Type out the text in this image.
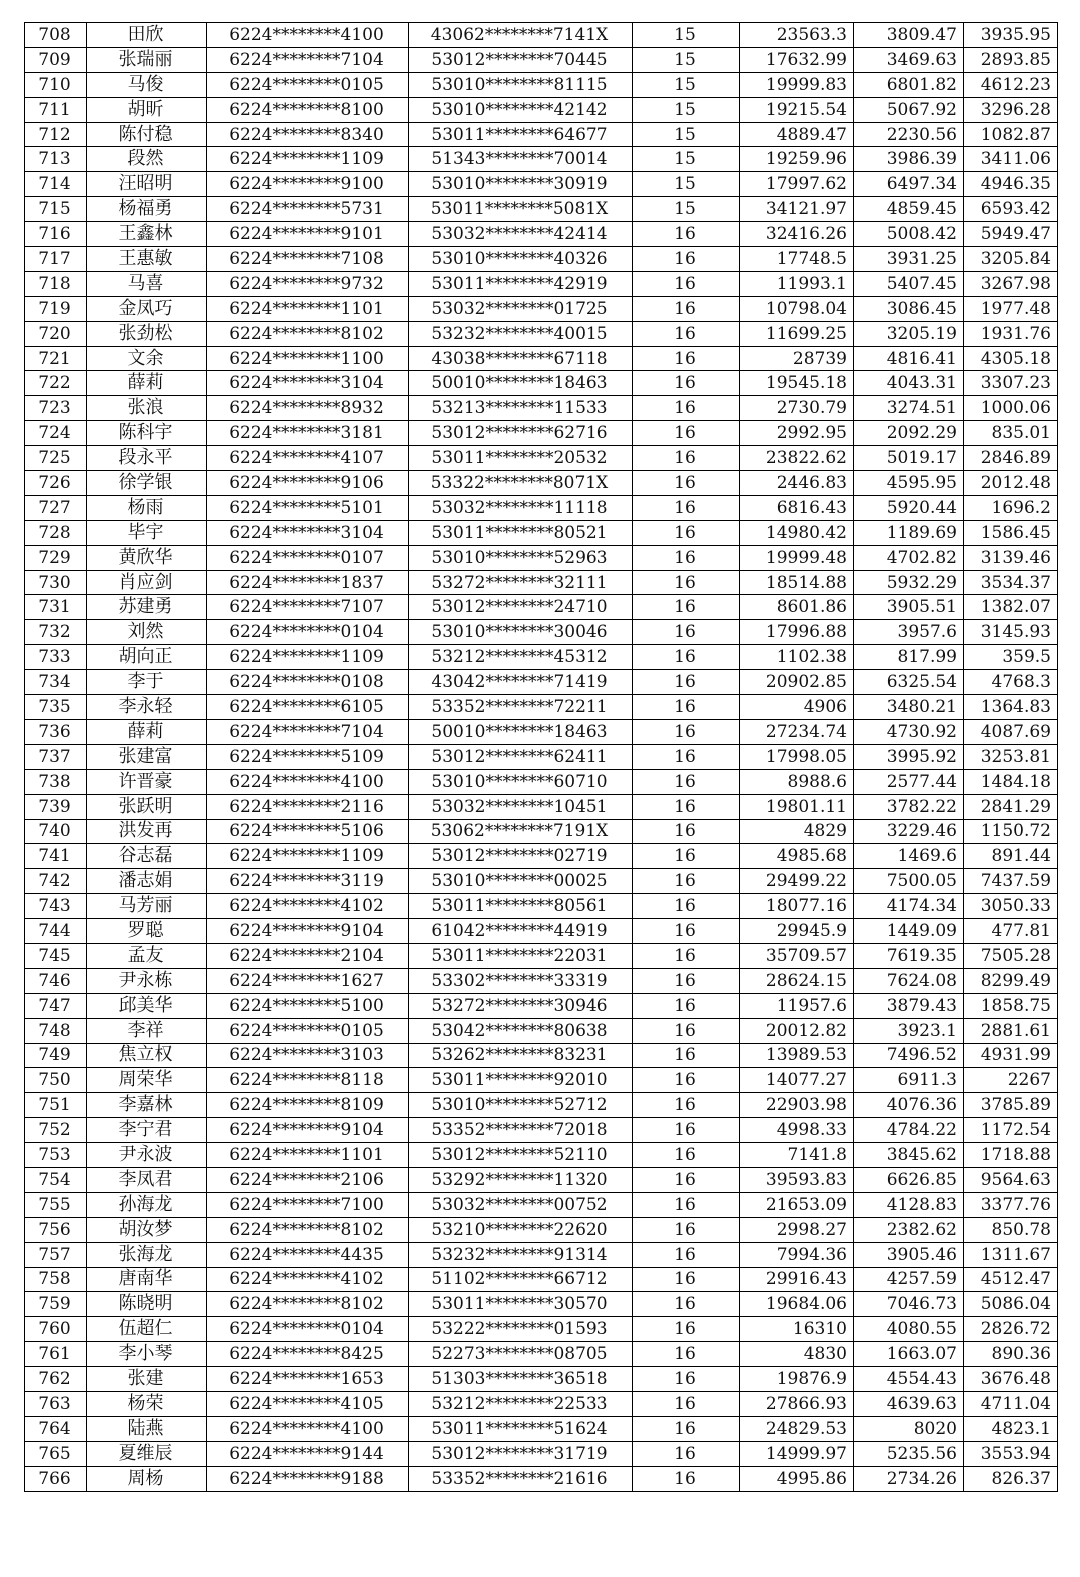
708	田欣	6224********4100	43062********7141X	15	23563.3	3809.47	3935.95
709	张瑞丽	6224********7104	53012********70445	15	17632.99	3469.63	2893.85
710	马俊	6224********0105	53010********81115	15	19999.83	6801.82	4612.23
711	胡昕	6224********8100	53010********42142	15	19215.54	5067.92	3296.28
712	陈付稳	6224********8340	53011********64677	15	4889.47	2230.56	1082.87
713	段然	6224********1109	51343********70014	15	19259.96	3986.39	3411.06
714	汪昭明	6224********9100	53010********30919	15	17997.62	6497.34	4946.35
715	杨福勇	6224********5731	53011********5081X	15	34121.97	4859.45	6593.42
716	王鑫林	6224********9101	53032********42414	16	32416.26	5008.42	5949.47
717	王惠敏	6224********7108	53010********40326	16	17748.5	3931.25	3205.84
718	马喜	6224********9732	53011********42919	16	11993.1	5407.45	3267.98
719	金凤巧	6224********1101	53032********01725	16	10798.04	3086.45	1977.48
720	张劲松	6224********8102	53232********40015	16	11699.25	3205.19	1931.76
721	文余	6224********1100	43038********67118	16	28739	4816.41	4305.18
722	薛莉	6224********3104	50010********18463	16	19545.18	4043.31	3307.23
723	张浪	6224********8932	53213********11533	16	2730.79	3274.51	1000.06
724	陈科宇	6224********3181	53012********62716	16	2992.95	2092.29	835.01
725	段永平	6224********4107	53011********20532	16	23822.62	5019.17	2846.89
726	徐学银	6224********9106	53322********8071X	16	2446.83	4595.95	2012.48
727	杨雨	6224********5101	53032********11118	16	6816.43	5920.44	1696.2
728	毕宇	6224********3104	53011********80521	16	14980.42	1189.69	1586.45
729	黄欣华	6224********0107	53010********52963	16	19999.48	4702.82	3139.46
730	肖应剑	6224********1837	53272********32111	16	18514.88	5932.29	3534.37
731	苏建勇	6224********7107	53012********24710	16	8601.86	3905.51	1382.07
732	刘然	6224********0104	53010********30046	16	17996.88	3957.6	3145.93
733	胡向正	6224********1109	53212********45312	16	1102.38	817.99	359.5
734	李于	6224********0108	43042********71419	16	20902.85	6325.54	4768.3
735	李永轻	6224********6105	53352********72211	16	4906	3480.21	1364.83
736	薛莉	6224********7104	50010********18463	16	27234.74	4730.92	4087.69
737	张建富	6224********5109	53012********62411	16	17998.05	3995.92	3253.81
738	许晋豪	6224********4100	53010********60710	16	8988.6	2577.44	1484.18
739	张跃明	6224********2116	53032********10451	16	19801.11	3782.22	2841.29
740	洪发再	6224********5106	53062********7191X	16	4829	3229.46	1150.72
741	谷志磊	6224********1109	53012********02719	16	4985.68	1469.6	891.44
742	潘志娟	6224********3119	53010********00025	16	29499.22	7500.05	7437.59
743	马芳丽	6224********4102	53011********80561	16	18077.16	4174.34	3050.33
744	罗聪	6224********9104	61042********44919	16	29945.9	1449.09	477.81
745	孟友	6224********2104	53011********22031	16	35709.57	7619.35	7505.28
746	尹永栋	6224********1627	53302********33319	16	28624.15	7624.08	8299.49
747	邱美华	6224********5100	53272********30946	16	11957.6	3879.43	1858.75
748	李祥	6224********0105	53042********80638	16	20012.82	3923.1	2881.61
749	焦立权	6224********3103	53262********83231	16	13989.53	7496.52	4931.99
750	周荣华	6224********8118	53011********92010	16	14077.27	6911.3	2267
751	李嘉林	6224********8109	53010********52712	16	22903.98	4076.36	3785.89
752	李宁君	6224********9104	53352********72018	16	4998.33	4784.22	1172.54
753	尹永波	6224********1101	53012********52110	16	7141.8	3845.62	1718.88
754	李凤君	6224********2106	53292********11320	16	39593.83	6626.85	9564.63
755	孙海龙	6224********7100	53032********00752	16	21653.09	4128.83	3377.76
756	胡汝梦	6224********8102	53210********22620	16	2998.27	2382.62	850.78
757	张海龙	6224********4435	53232********91314	16	7994.36	3905.46	1311.67
758	唐南华	6224********4102	51102********66712	16	29916.43	4257.59	4512.47
759	陈晓明	6224********8102	53011********30570	16	19684.06	7046.73	5086.04
760	伍超仁	6224********0104	53222********01593	16	16310	4080.55	2826.72
761	李小琴	6224********8425	52273********08705	16	4830	1663.07	890.36
762	张建	6224********1653	51303********36518	16	19876.9	4554.43	3676.48
763	杨荣	6224********4105	53212********22533	16	27866.93	4639.63	4711.04
764	陆燕	6224********4100	53011********51624	16	24829.53	8020	4823.1
765	夏维辰	6224********9144	53012********31719	16	14999.97	5235.56	3553.94
766	周杨	6224********9188	53352********21616	16	4995.86	2734.26	826.37
